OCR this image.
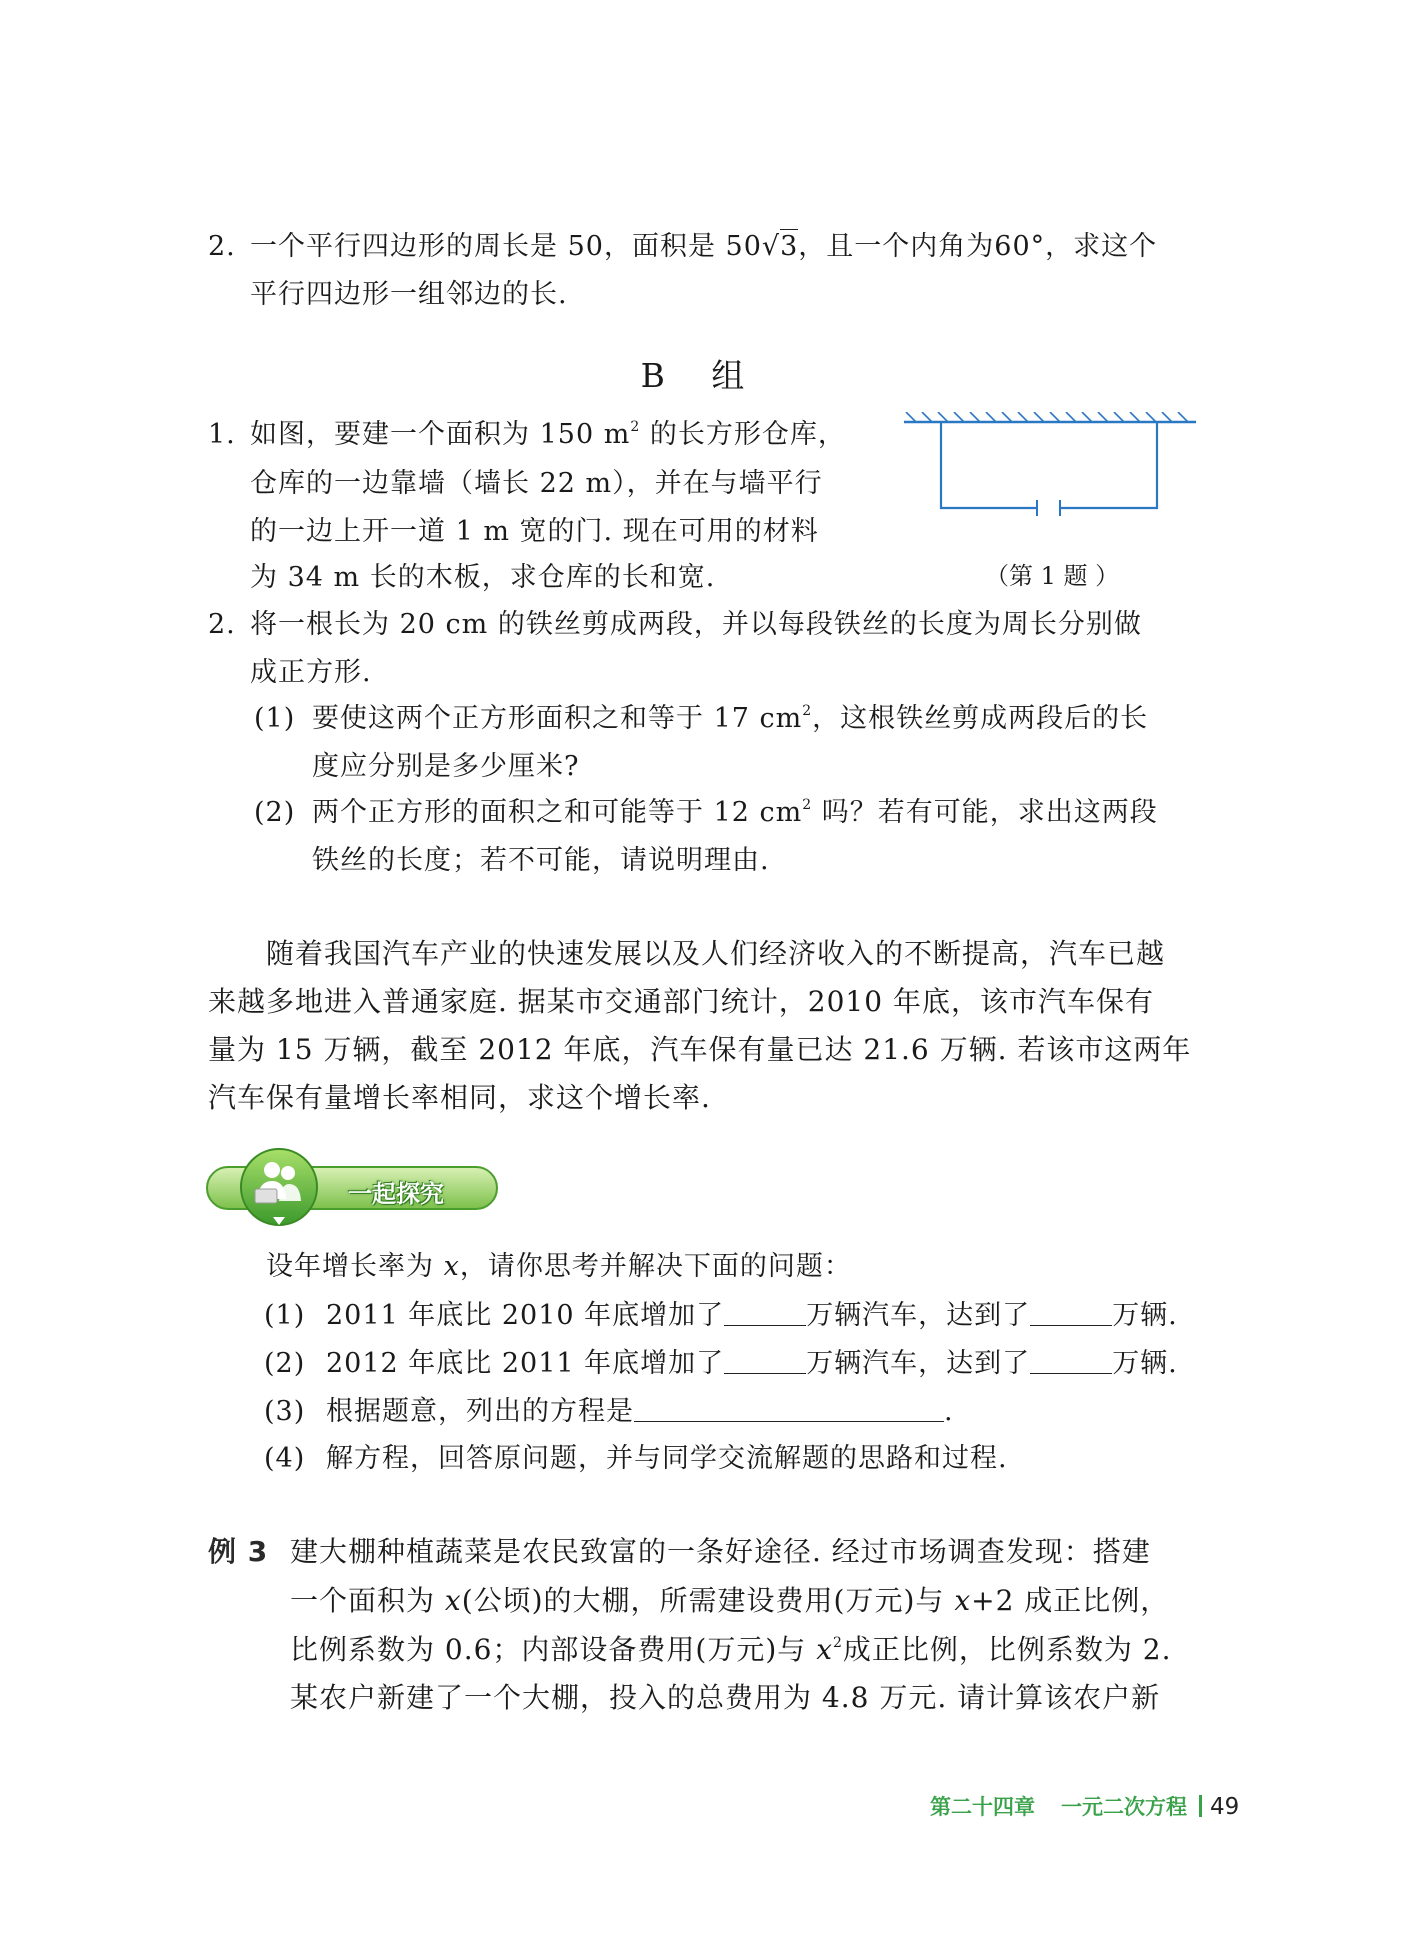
2. 一个平行四边形的周长是 50，面积是 50√3，且一个内角为60°，求这个
平行四边形一组邻边的长.
B 组
1. 如图，要建一个面积为 150 $m^2$ 的长方形仓库，
仓库的一边靠墙（墙长 22 m），并在与墙平行
的一边上开一道 1 m 宽的门. 现在可用的材料
为 34 m 长的木板，求仓库的长和宽.	（第 1 题 ）
2. 将一根长为 20 cm 的铁丝剪成两段，并以每段铁丝的长度为周长分别做
成正方形.
(1) 要使这两个正方形面积之和等于 17 $cm^2$，这根铁丝剪成两段后的长
度应分别是多少厘米?
(2) 两个正方形的面积之和可能等于 12 $cm^2$ 吗？若有可能，求出这两段
铁丝的长度；若不可能，请说明理由.
随着我国汽车产业的快速发展以及人们经济收入的不断提高，汽车已越
来越多地进入普通家庭. 据某市交通部门统计，2010 年底，该市汽车保有
量为 15 万辆，截至 2012 年底，汽车保有量已达 21.6 万辆. 若该市这两年
汽车保有量增长率相同，求这个增长率.
一起探究
设年增长率为 x，请你思考并解决下面的问题：
(1) 2011 年底比 2010 年底增加了	万辆汽车，达到了	万辆.
(2) 2012 年底比 2011 年底增加了	万辆汽车，达到了	万辆.
(3) 根据题意，列出的方程是	.
(4) 解方程，回答原问题，并与同学交流解题的思路和过程.
例 3 建大棚种植蔬菜是农民致富的一条好途径. 经过市场调查发现：搭建
一个面积为 x(公顷)的大棚，所需建设费用(万元)与 x+2 成正比例，
比例系数为 0.6；内部设备费用(万元)与 $x^2$成正比例，比例系数为 2.
某农户新建了一个大棚，投入的总费用为 4.8 万元. 请计算该农户新
第二十四章 一元二次方程 49
